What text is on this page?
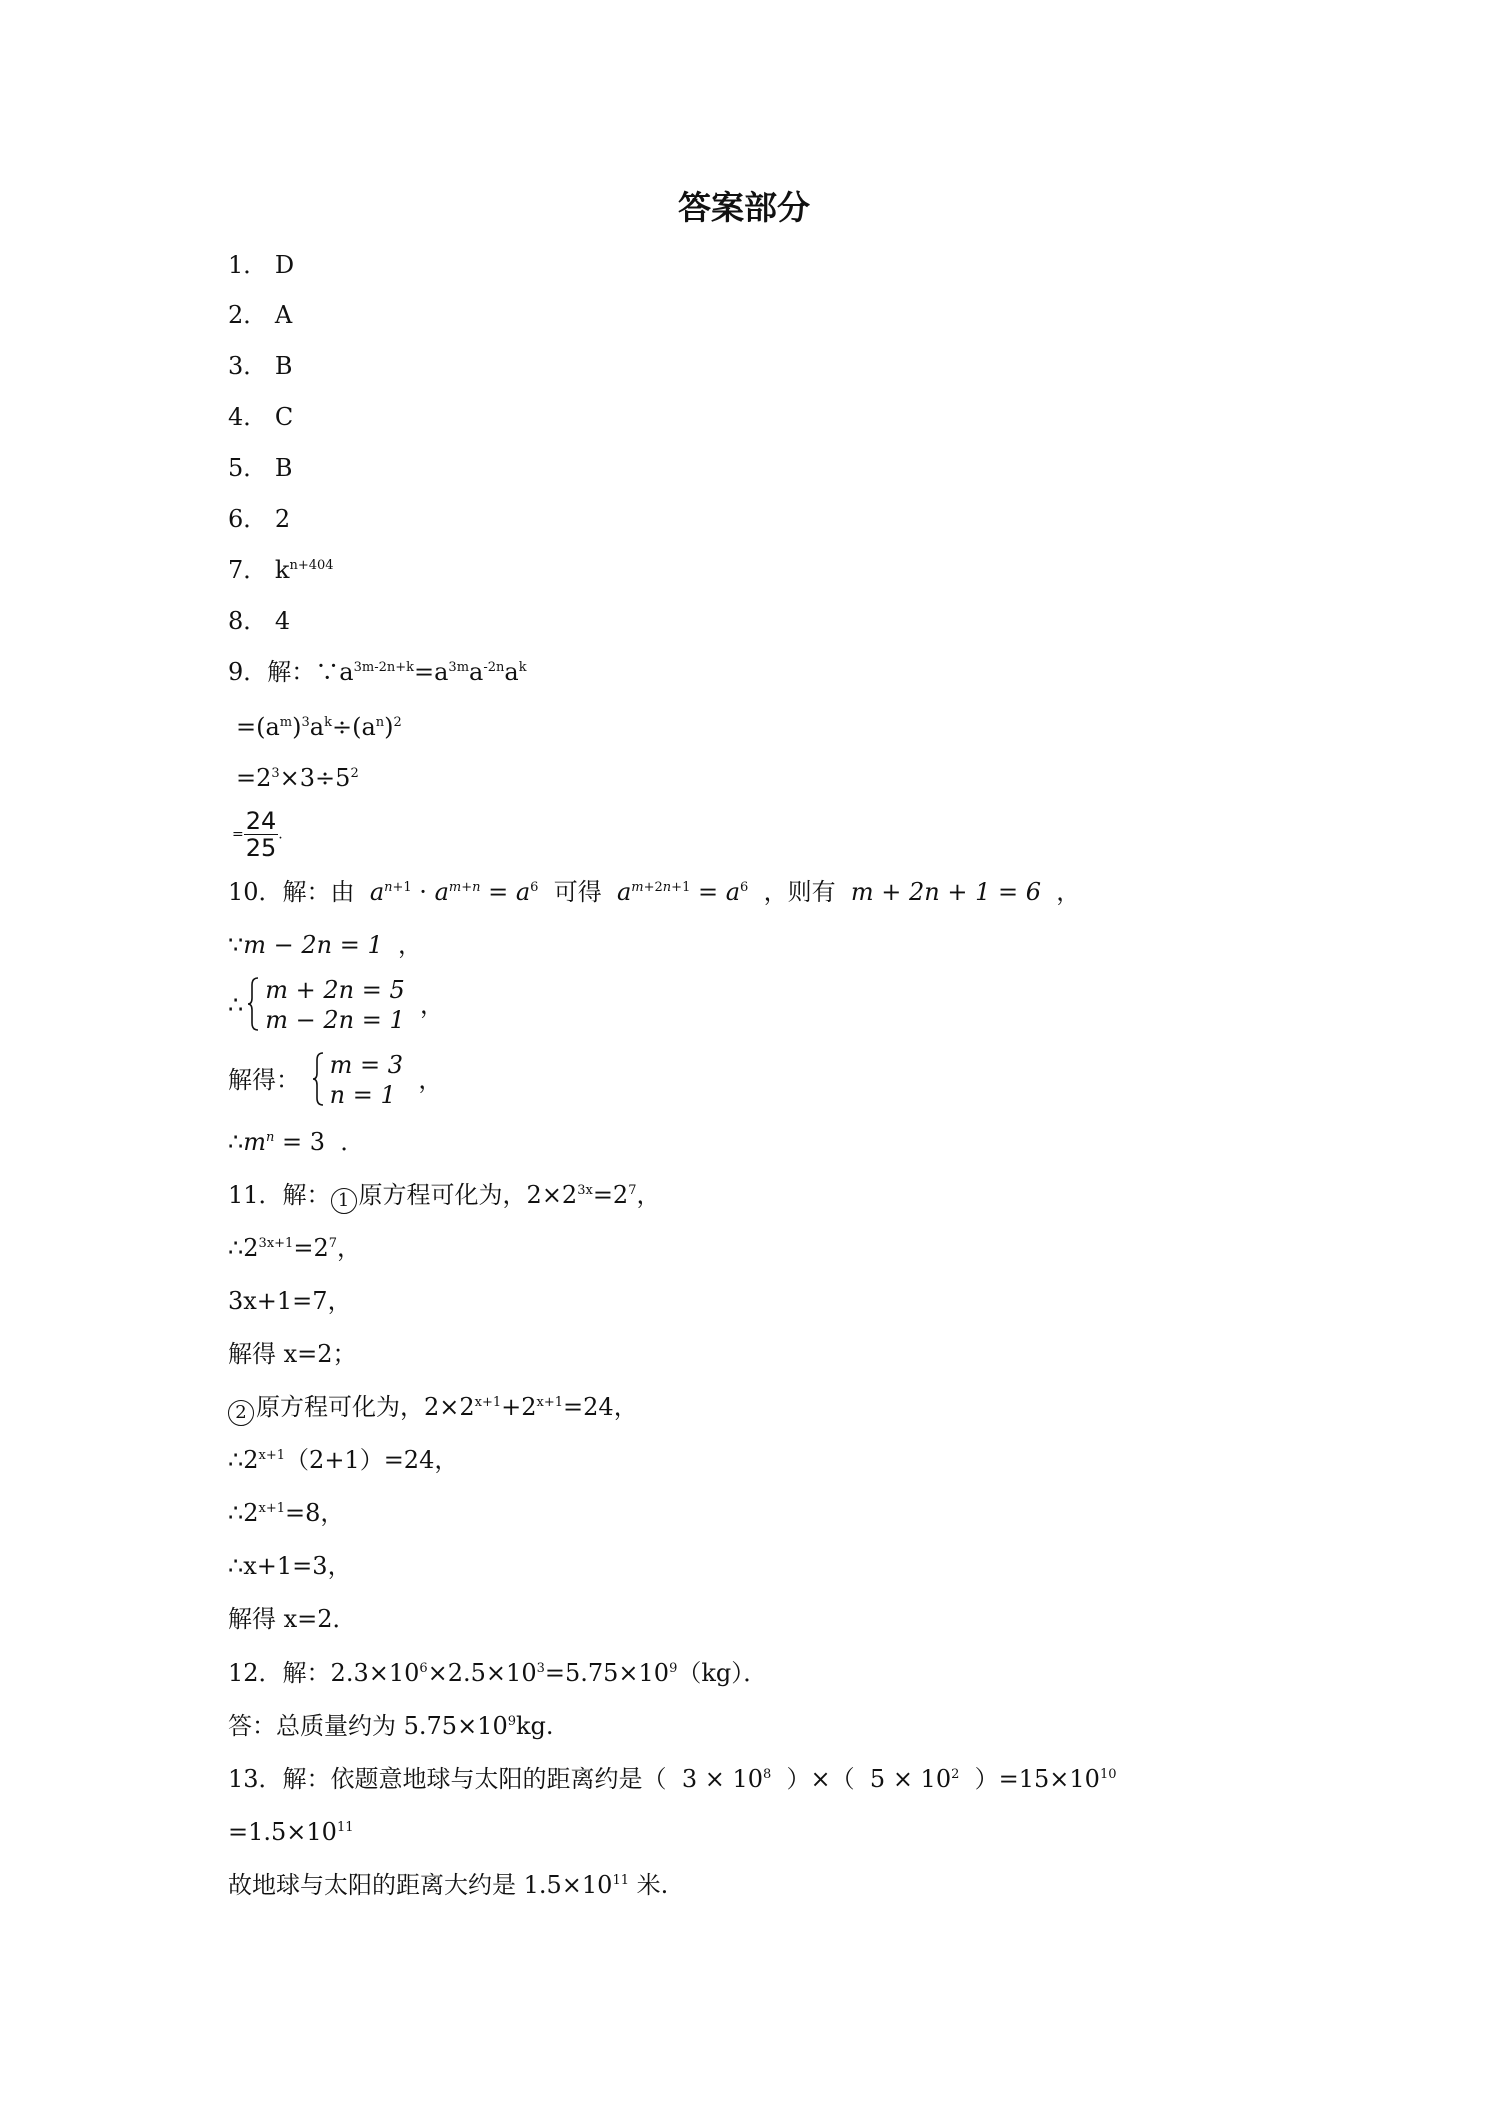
答案部分
1． D
2． A
3． B
4． C
5． B
6． 2
7． $k^{n+404}$
8． 4
9．解：$\because a^{3m-2n+k}=a^{3m}a^{-2n}a^k$
$=(a^m)^3a^k\div(a^n)^2$
$=2^3\times 3\div 5^2$
= $\frac{24}{25}$ .
10．解：由 $a^{n+1} \cdot a^{m+n} = a^6$ 可得 $a^{m+2n+1} = a^6$ ，则有 m + 2n + 1 = 6 ，
∵m − 2n = 1 ，
∴
m + 2n = 5
m − 2n = 1
，
解得：
m = 3
n = 1
，
$\therefore m^n = 3$ ．
11．解： 1 原方程可化为，$2\times 2^{3x}=2^7$，
$\therefore 2^{3x+1}=2^7$，
3x+1=7，
解得 x=2；
2 原方程可化为，$2\times 2^{x+1}+2^{x+1}=24$，
$\therefore 2^{x+1}(2+1)=24$，
$\therefore 2^{x+1}=8$，
∴x+1=3，
解得 x=2．
12．解：$2.3\times 10^6\times 2.5\times 10^3=5.75\times 10^9(kg)$．
答：总质量约为 $5.75\times 10^9kg$.
13．解：依题意地球与太阳的距离约是（ $3 \times 10^8$ ）×（ $5 \times 10^2$ ）$=15\times 10^{10}$
$=1.5\times 10^{11}$
故地球与太阳的距离大约是 $1.5\times 10^{11}$ 米.
